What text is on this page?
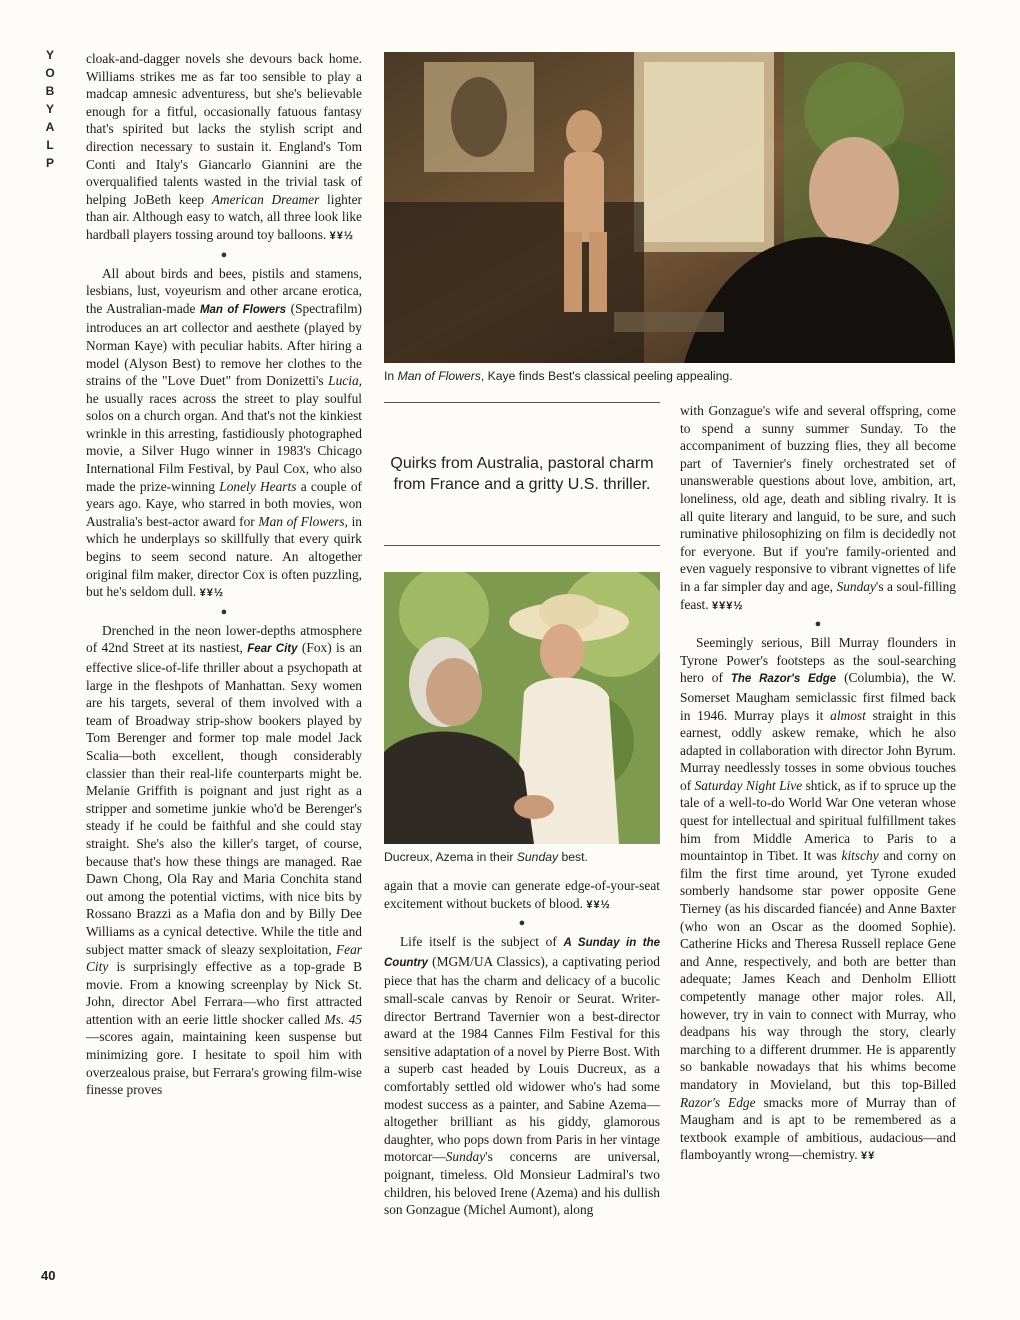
Y
O
B
Y
A
L
P
40

cloak-and-dagger novels she devours back home. Williams strikes me as far too sensible to play a madcap amnesic adventuress, but she's believable enough for a fitful, occasionally fatuous fantasy that's spirited but lacks the stylish script and direction necessary to sustain it. England's Tom Conti and Italy's Giancarlo Giannini are the overqualified talents wasted in the trivial task of helping JoBeth keep American Dreamer lighter than air. Although easy to watch, all three look like hardball players tossing around toy balloons. ¥¥½

●

All about birds and bees, pistils and stamens, lesbians, lust, voyeurism and other arcane erotica, the Australian-made Man of Flowers (Spectrafilm) introduces an art collector and aesthete (played by Norman Kaye) with peculiar habits. After hiring a model (Alyson Best) to remove her clothes to the strains of the "Love Duet" from Donizetti's Lucia, he usually races across the street to play soulful solos on a church organ. And that's not the kinkiest wrinkle in this arresting, fastidiously photographed movie, a Silver Hugo winner in 1983's Chicago International Film Festival, by Paul Cox, who also made the prize-winning Lonely Hearts a couple of years ago. Kaye, who starred in both movies, won Australia's best-actor award for Man of Flowers, in which he underplays so skillfully that every quirk begins to seem second nature. An altogether original film maker, director Cox is often puzzling, but he's seldom dull. ¥¥½

●

Drenched in the neon lower-depths atmosphere of 42nd Street at its nastiest, Fear City (Fox) is an effective slice-of-life thriller about a psychopath at large in the fleshpots of Manhattan. Sexy women are his targets, several of them involved with a team of Broadway strip-show bookers played by Tom Berenger and former top male model Jack Scalia—both excellent, though considerably classier than their real-life counterparts might be. Melanie Griffith is poignant and just right as a stripper and sometime junkie who'd be Berenger's steady if he could be faithful and she could stay straight. She's also the killer's target, of course, because that's how these things are managed. Rae Dawn Chong, Ola Ray and Maria Conchita stand out among the potential victims, with nice bits by Rossano Brazzi as a Mafia don and by Billy Dee Williams as a cynical detective. While the title and subject matter smack of sleazy sexploitation, Fear City is surprisingly effective as a top-grade B movie. From a knowing screenplay by Nick St. John, director Abel Ferrara—who first attracted attention with an eerie little shocker called Ms. 45—scores again, maintaining keen suspense but minimizing gore. I hesitate to spoil him with overzealous praise, but Ferrara's growing film-wise finesse proves

In Man of Flowers, Kaye finds Best's classical peeling appealing.
Quirks from Australia, pastoral charm from France and a gritty U.S. thriller.
Ducreux, Azema in their Sunday best.

again that a movie can generate edge-of-your-seat excitement without buckets of blood. ¥¥½

●

Life itself is the subject of A Sunday in the Country (MGM/UA Classics), a captivating period piece that has the charm and delicacy of a bucolic small-scale canvas by Renoir or Seurat. Writer-director Bertrand Tavernier won a best-director award at the 1984 Cannes Film Festival for this sensitive adaptation of a novel by Pierre Bost. With a superb cast headed by Louis Ducreux, as a comfortably settled old widower who's had some modest success as a painter, and Sabine Azema—altogether brilliant as his giddy, glamorous daughter, who pops down from Paris in her vintage motorcar—Sunday's concerns are universal, poignant, timeless. Old Monsieur Ladmiral's two children, his beloved Irene (Azema) and his dullish son Gonzague (Michel Aumont), along

with Gonzague's wife and several offspring, come to spend a sunny summer Sunday. To the accompaniment of buzzing flies, they all become part of Tavernier's finely orchestrated set of unanswerable questions about love, ambition, art, loneliness, old age, death and sibling rivalry. It is all quite literary and languid, to be sure, and such ruminative philosophizing on film is decidedly not for everyone. But if you're family-oriented and even vaguely responsive to vibrant vignettes of life in a far simpler day and age, Sunday's a soul-filling feast. ¥¥¥½

●

Seemingly serious, Bill Murray flounders in Tyrone Power's footsteps as the soul-searching hero of The Razor's Edge (Columbia), the W. Somerset Maugham semiclassic first filmed back in 1946. Murray plays it almost straight in this earnest, oddly askew remake, which he also adapted in collaboration with director John Byrum. Murray needlessly tosses in some obvious touches of Saturday Night Live shtick, as if to spruce up the tale of a well-to-do World War One veteran whose quest for intellectual and spiritual fulfillment takes him from Middle America to Paris to a mountaintop in Tibet. It was kitschy and corny on film the first time around, yet Tyrone exuded somberly handsome star power opposite Gene Tierney (as his discarded fiancée) and Anne Baxter (who won an Oscar as the doomed Sophie). Catherine Hicks and Theresa Russell replace Gene and Anne, respectively, and both are better than adequate; James Keach and Denholm Elliott competently manage other major roles. All, however, try in vain to connect with Murray, who deadpans his way through the story, clearly marching to a different drummer. He is apparently so bankable nowadays that his whims become mandatory in Movieland, but this top-Billed Razor's Edge smacks more of Murray than of Maugham and is apt to be remembered as a textbook example of ambitious, audacious—and flamboyantly wrong—chemistry. ¥¥
